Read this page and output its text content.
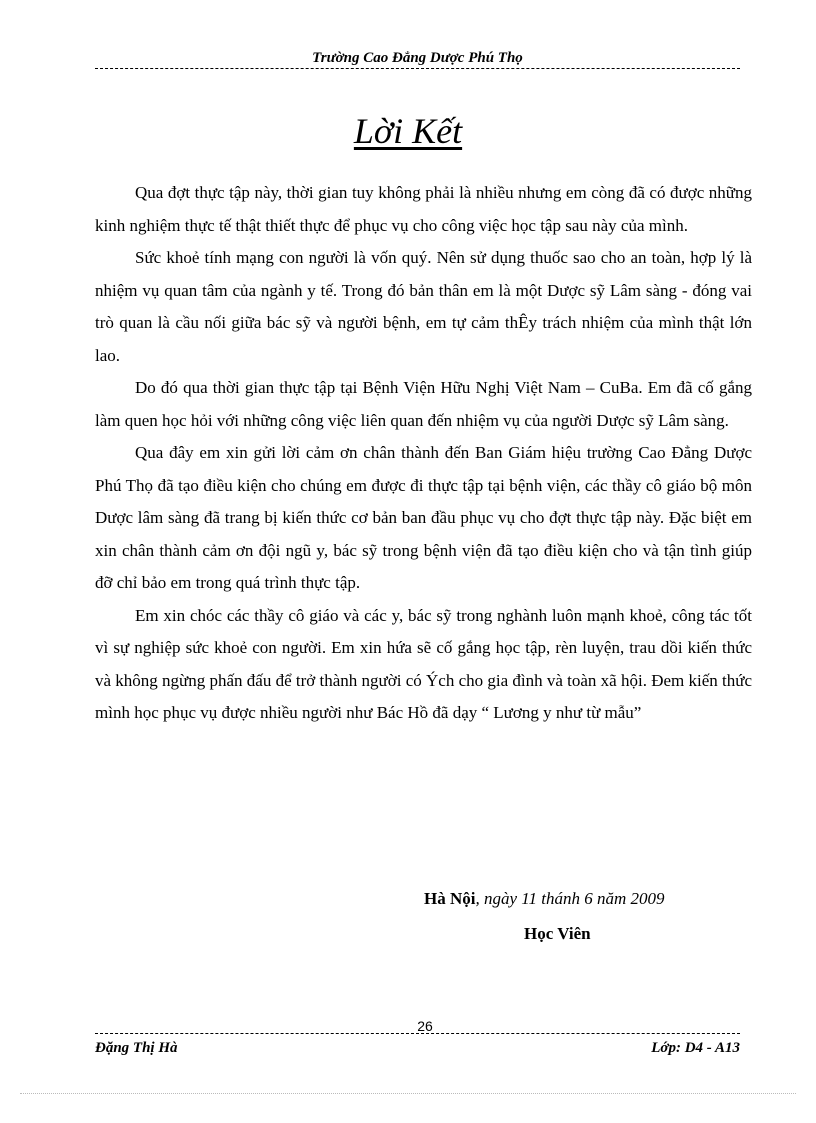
Trường Cao Đẳng Dược Phú Thọ
Lời Kết

Qua đợt thực tập này, thời gian tuy không phải là nhiều nhưng em còng đã có được những kinh nghiệm thực tế thật thiết thực để phục vụ cho công việc học tập sau này của mình.

Sức khoẻ tính mạng con người là vốn quý. Nên sử dụng thuốc sao cho an toàn, hợp lý là nhiệm vụ quan tâm của ngành y tế. Trong đó bản thân em là một Dược sỹ Lâm sàng - đóng vai trò quan là cầu nối giữa bác sỹ và người bệnh, em tự cảm thÊy trách nhiệm của mình thật lớn lao.

Do đó qua thời gian thực tập tại Bệnh Viện Hữu Nghị Việt Nam – CuBa. Em đã cố gắng làm quen học hỏi với những công việc liên quan đến nhiệm vụ của người Dược sỹ Lâm sàng.

Qua đây em xin gửi lời cảm ơn chân thành đến Ban Giám hiệu trường Cao Đẳng Dược Phú Thọ đã tạo điều kiện cho chúng em được đi thực tập tại bệnh viện, các thầy cô giáo bộ môn Dược lâm sàng đã trang bị kiến thức cơ bản ban đầu phục vụ cho đợt thực tập này. Đặc biệt em xin chân thành cảm ơn đội ngũ y, bác sỹ trong bệnh viện đã tạo điều kiện cho và tận tình giúp đỡ chỉ bảo em trong quá trình thực tập.

Em xin chóc các thầy cô giáo và các y, bác sỹ trong nghành luôn mạnh khoẻ, công tác tốt vì sự nghiệp sức khoẻ con người. Em xin hứa sẽ cố gắng học tập, rèn luyện, trau dồi kiến thức và không ngừng phấn đấu để trở thành người có Ých cho gia đình và toàn xã hội. Đem kiến thức mình học phục vụ được nhiều người như Bác Hồ đã dạy “ Lương y như từ mẫu”

Hà Nội, ngày 11 thánh 6 năm 2009
Học Viên
26
Đặng Thị Hà	Lớp: D4 - A13
